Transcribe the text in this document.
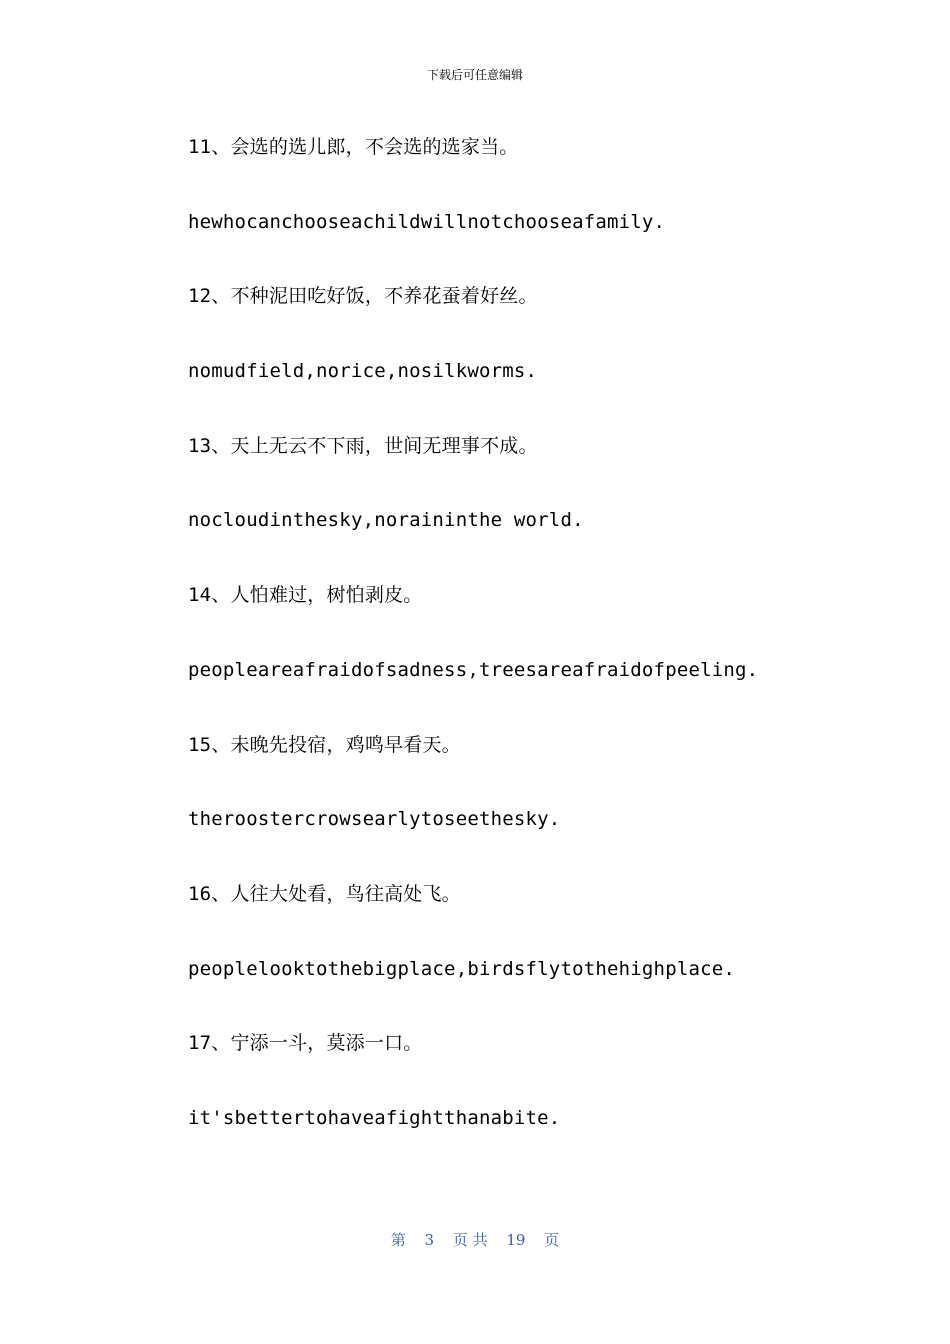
下载后可任意编辑
11、会选的选儿郎，不会选的选家当。
hewhocanchooseachildwillnotchooseafamily.
12、不种泥田吃好饭，不养花蚕着好丝。
nomudfield,norice,nosilkworms.
13、天上无云不下雨，世间无理事不成。
nocloudinthesky,noraininthe world.
14、人怕难过，树怕剥皮。
peopleareafraidofsadness,treesareafraidofpeeling.
15、未晚先投宿，鸡鸣早看天。
theroostercrowsearlytoseethesky.
16、人往大处看，鸟往高处飞。
peoplelooktothebigplace,birdsflytothehighplace.
17、宁添一斗，莫添一口。
it'sbettertohaveafightthanabite.
第 3 页 共 19 页
